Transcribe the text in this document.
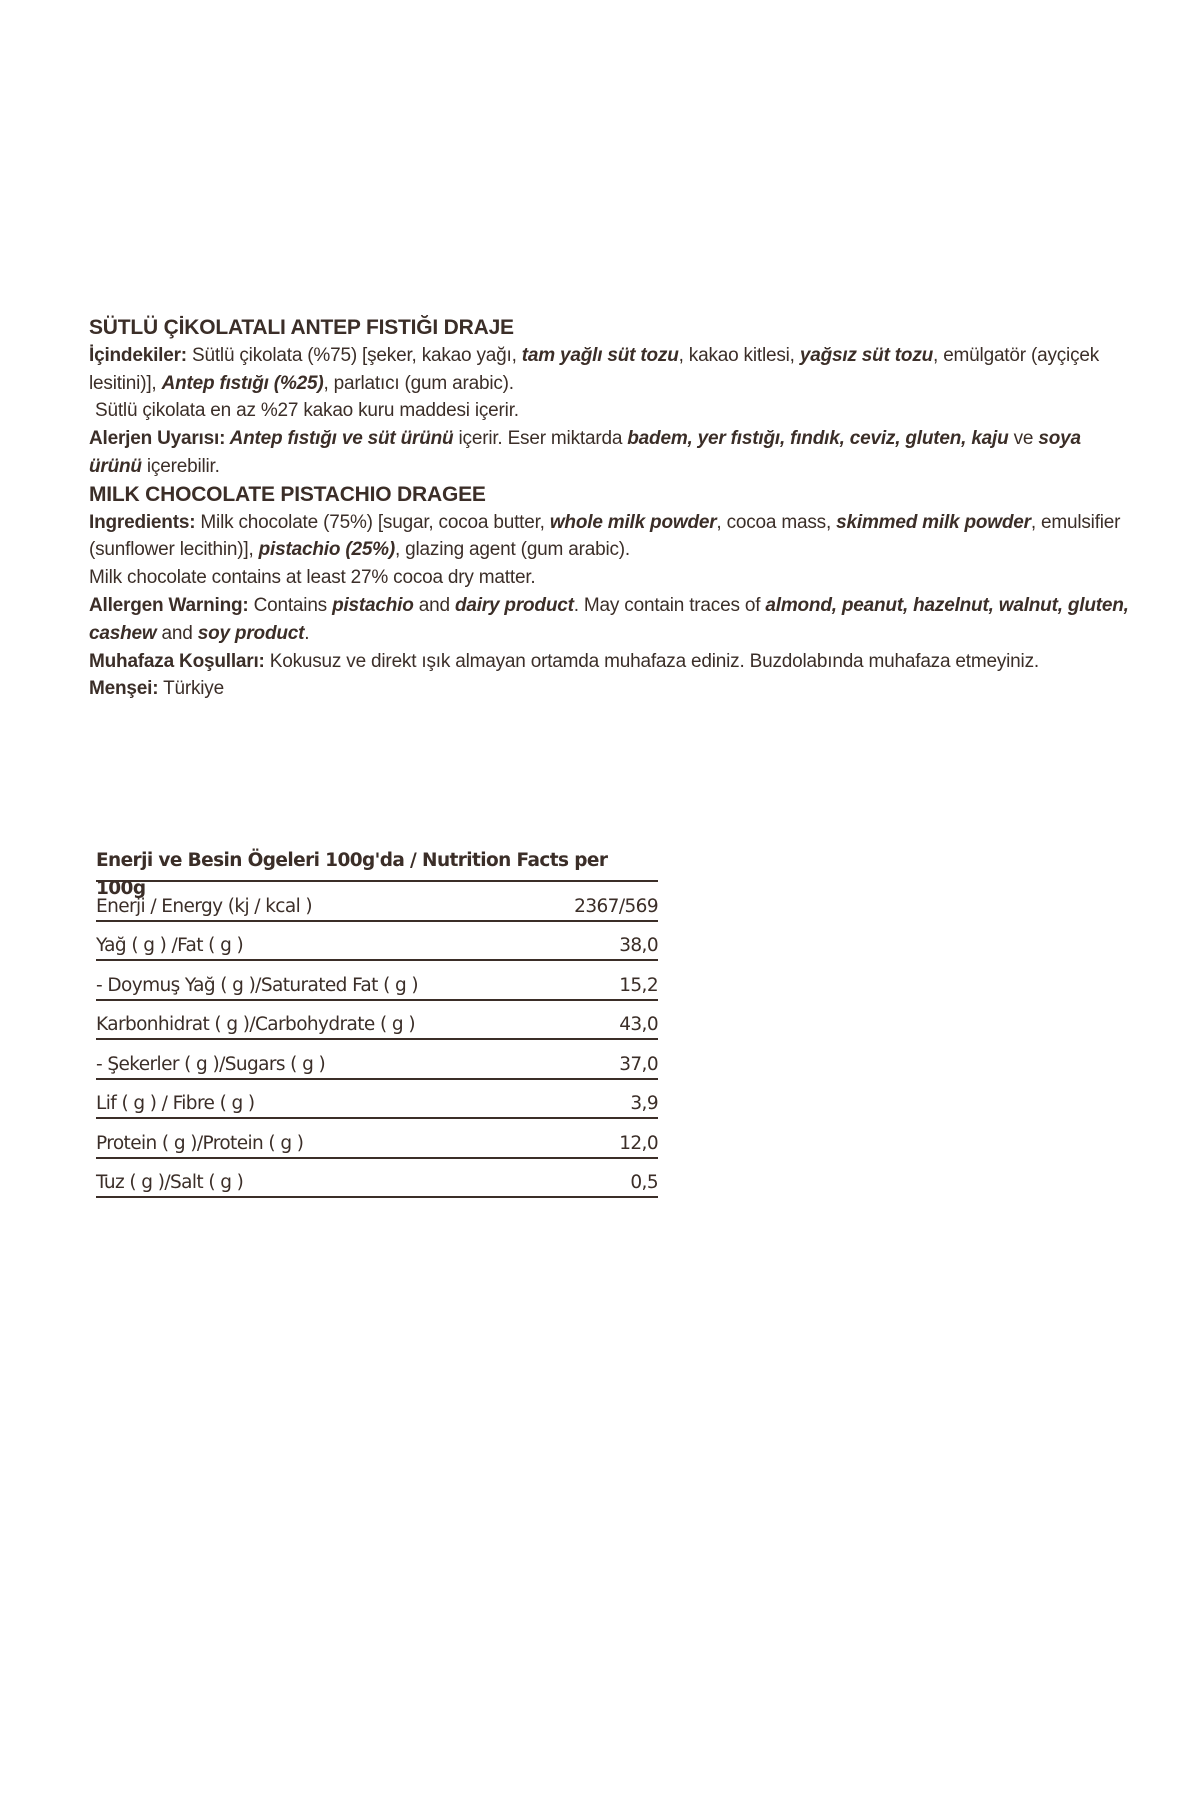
SÜTLÜ ÇİKOLATALI ANTEP FISTIĞI DRAJE

İçindekiler: Sütlü çikolata (%75) [şeker, kakao yağı, tam yağlı süt tozu, kakao kitlesi, yağsız süt tozu, emülgatör (ayçiçek lesitini)], Antep fıstığı (%25), parlatıcı (gum arabic).

Sütlü çikolata en az %27 kakao kuru maddesi içerir.

Alerjen Uyarısı: Antep fıstığı ve süt ürünü içerir. Eser miktarda badem, yer fıstığı, fındık, ceviz, gluten, kaju ve soya ürünü içerebilir.

MILK CHOCOLATE PISTACHIO DRAGEE

Ingredients: Milk chocolate (75%) [sugar, cocoa butter, whole milk powder, cocoa mass, skimmed milk powder, emulsifier (sunflower lecithin)], pistachio (25%), glazing agent (gum arabic).

Milk chocolate contains at least 27% cocoa dry matter.

Allergen Warning: Contains pistachio and dairy product. May contain traces of almond, peanut, hazelnut, walnut, gluten, cashew and soy product.

Muhafaza Koşulları: Kokusuz ve direkt ışık almayan ortamda muhafaza ediniz. Buzdolabında muhafaza etmeyiniz.

Menşei: Türkiye

Enerji ve Besin Ögeleri 100g'da / Nutrition Facts per 100g
Enerji / Energy (kj / kcal )	2367/569
Yağ ( g ) /Fat ( g )	38,0
- Doymuş Yağ ( g )/Saturated Fat ( g )	15,2
Karbonhidrat ( g )/Carbohydrate ( g )	43,0
- Şekerler ( g )/Sugars ( g )	37,0
Lif ( g ) / Fibre ( g )	3,9
Protein ( g )/Protein ( g )	12,0
Tuz ( g )/Salt ( g )	0,5
